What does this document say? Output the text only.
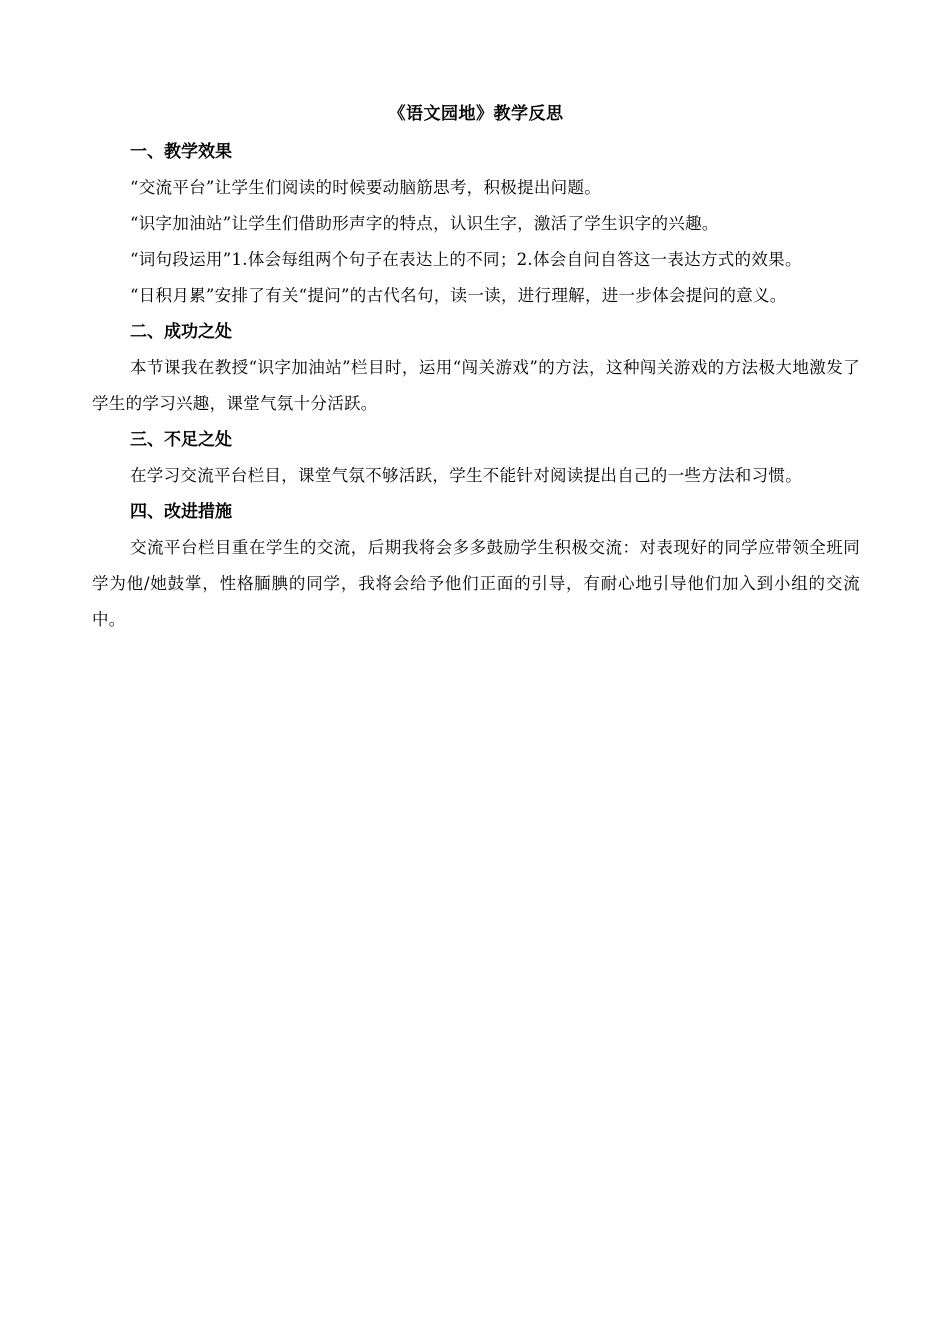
《语文园地》教学反思
一、教学效果

“交流平台”让学生们阅读的时候要动脑筋思考，积极提出问题。

“识字加油站”让学生们借助形声字的特点，认识生字，激活了学生识字的兴趣。

“词句段运用”1.体会每组两个句子在表达上的不同；2.体会自问自答这一表达方式的效果。

“日积月累”安排了有关“提问”的古代名句，读一读，进行理解，进一步体会提问的意义。

二、成功之处

本节课我在教授“识字加油站”栏目时，运用“闯关游戏”的方法，这种闯关游戏的方法极大地激发了学生的学习兴趣，课堂气氛十分活跃。

三、不足之处

在学习交流平台栏目，课堂气氛不够活跃，学生不能针对阅读提出自己的一些方法和习惯。

四、改进措施

交流平台栏目重在学生的交流，后期我将会多多鼓励学生积极交流：对表现好的同学应带领全班同学为他/她鼓掌，性格腼腆的同学，我将会给予他们正面的引导，有耐心地引导他们加入到小组的交流中。
